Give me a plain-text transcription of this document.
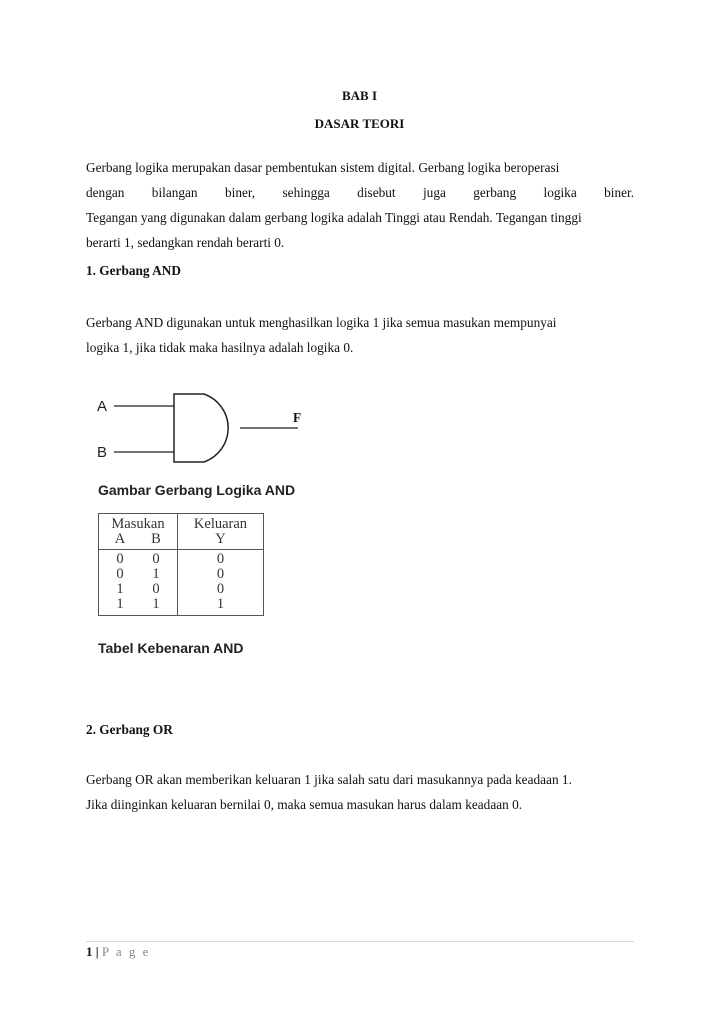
BAB I

DASAR TEORI

Gerbang logika merupakan dasar pembentukan sistem digital. Gerbang logika beroperasi
dengan bilangan biner, sehingga disebut juga gerbang logika biner.
Tegangan yang digunakan dalam gerbang logika adalah Tinggi atau Rendah. Tegangan tinggi
berarti 1, sedangkan rendah berarti 0.

1. Gerbang AND

Gerbang AND digunakan untuk menghasilkan logika 1 jika semua masukan mempunyai
logika 1, jika tidak maka hasilnya adalah logika 0.
A
B
F

Gambar Gerbang Logika AND

Masukan	Keluaran
A B	Y
0 0	0
0 1	0
1 0	0
1 1	1

Tabel Kebenaran AND

2. Gerbang OR

Gerbang OR akan memberikan keluaran 1 jika salah satu dari masukannya pada keadaan 1.
Jika diinginkan keluaran bernilai 0, maka semua masukan harus dalam keadaan 0.

1 | P a g e
